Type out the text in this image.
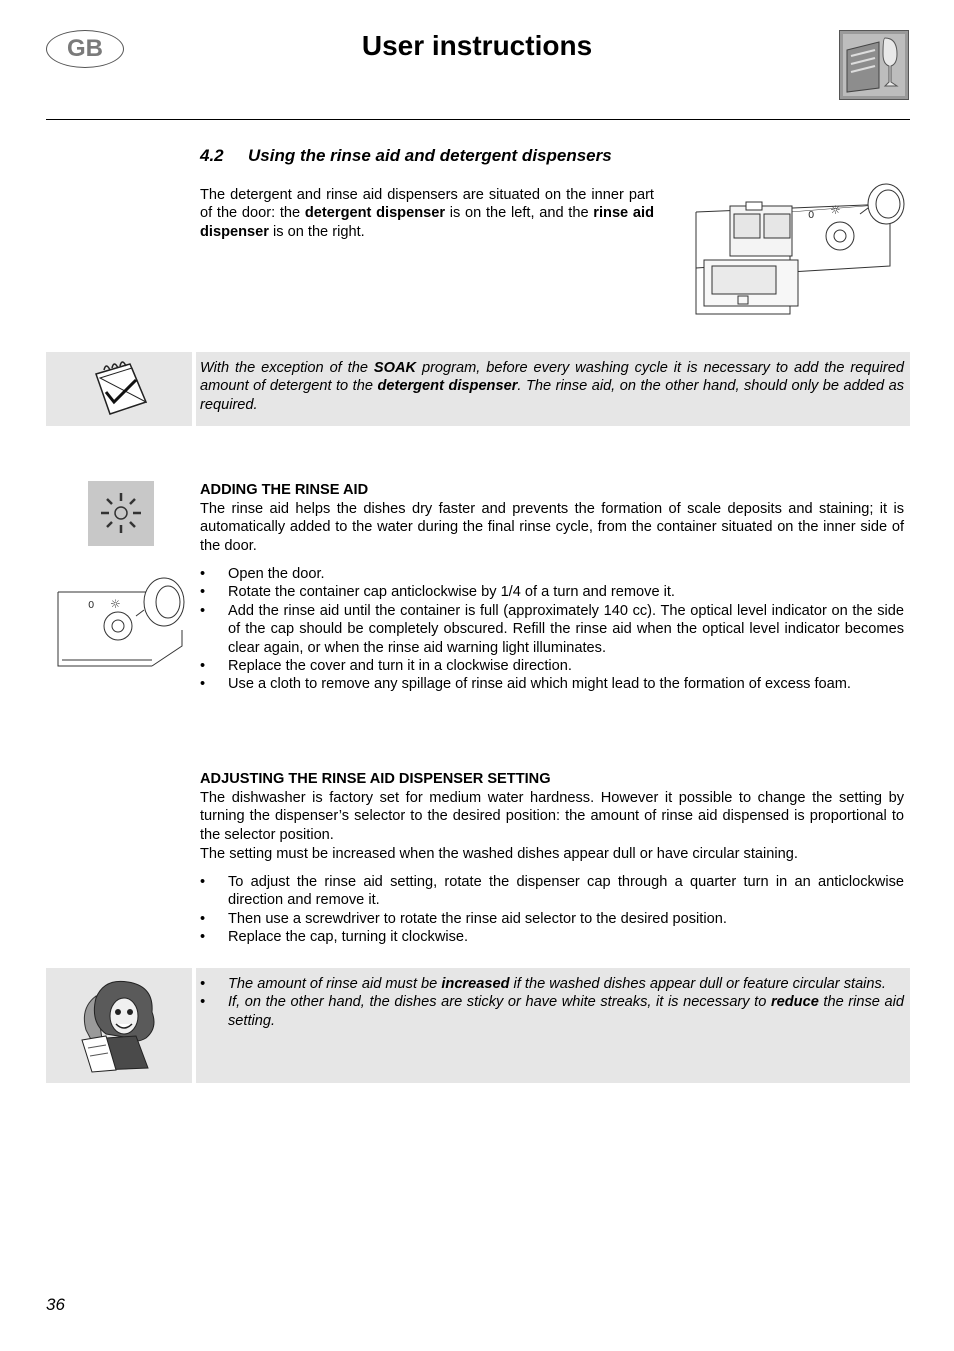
GB	User instructions
4.2 Using the rinse aid and detergent dispensers
The detergent and rinse aid dispensers are situated on the inner part of the door: the detergent dispenser is on the left, and the rinse aid dispenser is on the right.
0 ☼
With the exception of the SOAK program, before every washing cycle it is necessary to add the required amount of detergent to the detergent dispenser. The rinse aid, on the other hand, should only be added as required.
ADDING THE RINSE AID
The rinse aid helps the dishes dry faster and prevents the formation of scale deposits and staining; it is automatically added to the water during the final rinse cycle, from the container situated on the inner side of the door.
0 ☼
• Open the door.
• Rotate the container cap anticlockwise by 1/4 of a turn and remove it.
• Add the rinse aid until the container is full (approximately 140 cc). The optical level indicator on the side of the cap should be completely obscured. Refill the rinse aid when the optical level indicator becomes clear again, or when the rinse aid warning light illuminates.
• Replace the cover and turn it in a clockwise direction.
• Use a cloth to remove any spillage of rinse aid which might lead to the formation of excess foam.
ADJUSTING THE RINSE AID DISPENSER SETTING
The dishwasher is factory set for medium water hardness. However it possible to change the setting by turning the dispenser’s selector to the desired position: the amount of rinse aid dispensed is proportional to the selector position.
The setting must be increased when the washed dishes appear dull or have circular staining.
• To adjust the rinse aid setting, rotate the dispenser cap through a quarter turn in an anticlockwise direction and remove it.
• Then use a screwdriver to rotate the rinse aid selector to the desired position.
• Replace the cap, turning it clockwise.
• The amount of rinse aid must be increased if the washed dishes appear dull or feature circular stains.
• If, on the other hand, the dishes are sticky or have white streaks, it is necessary to reduce the rinse aid setting.
36
